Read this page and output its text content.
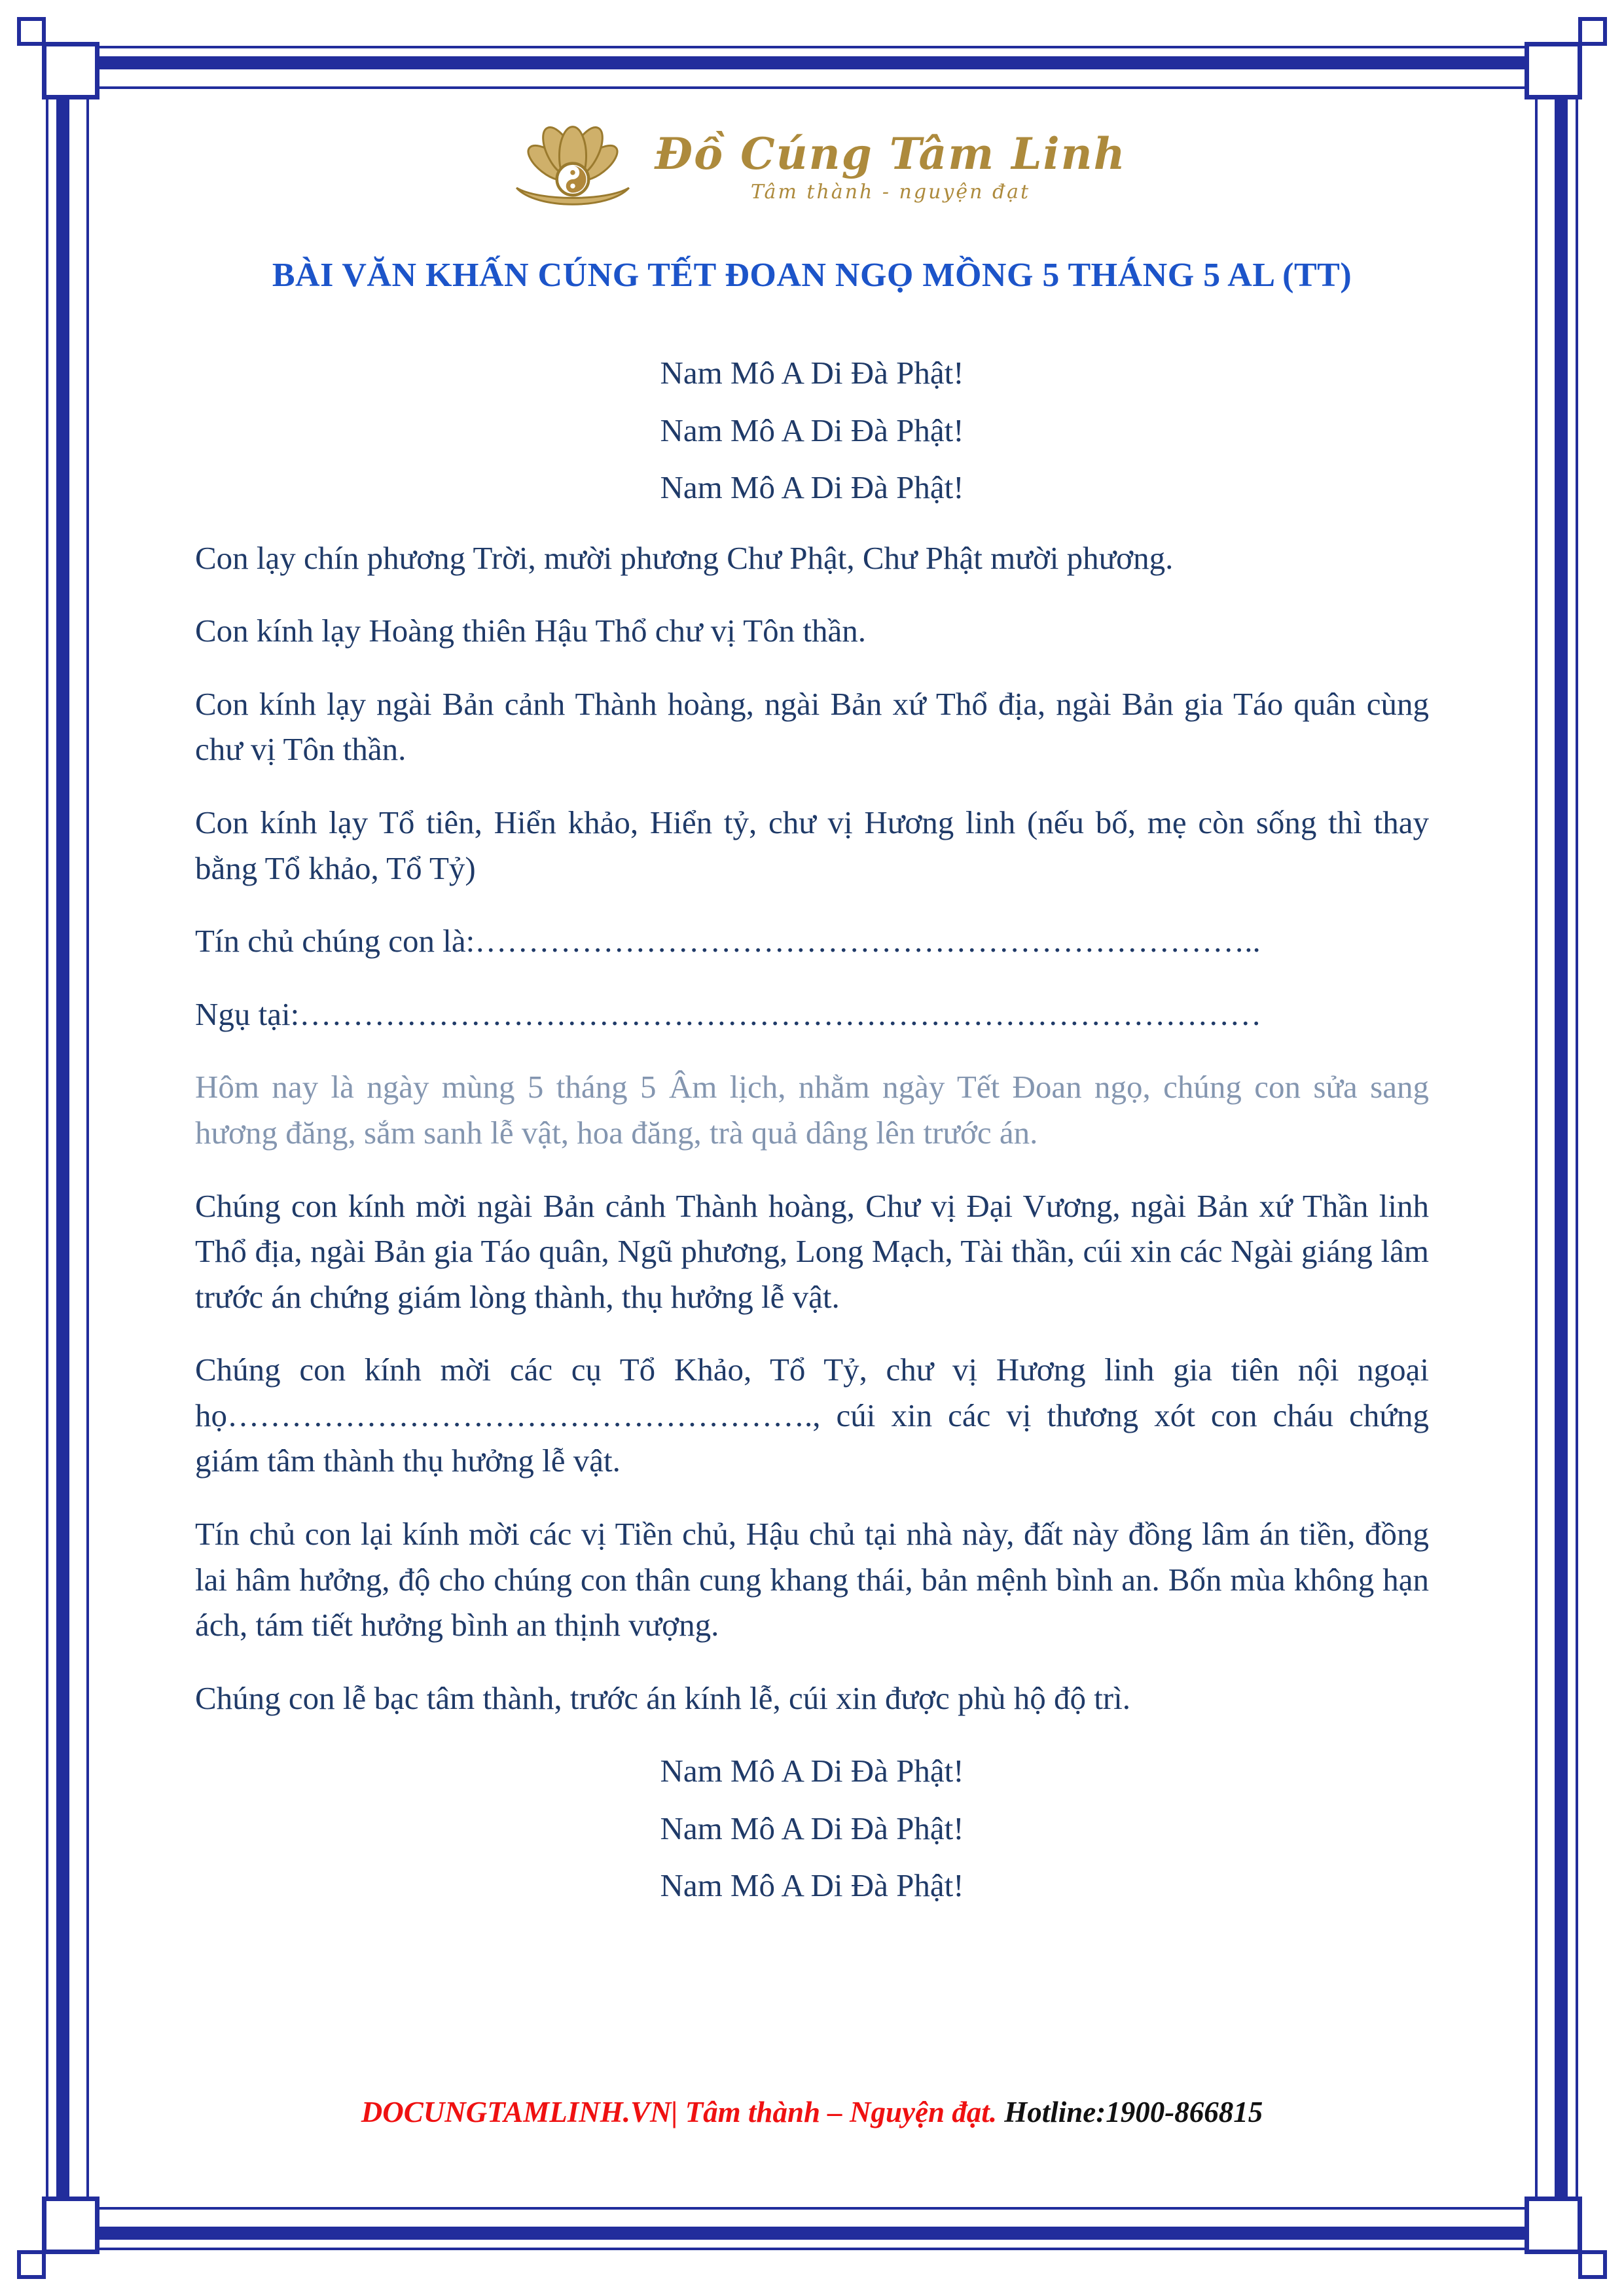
Đồ Cúng Tâm Linh
Tâm thành - nguyện đạt
BÀI VĂN KHẤN CÚNG TẾT ĐOAN NGỌ MỒNG 5 THÁNG 5 AL (TT)

Nam Mô A Di Đà Phật!

Nam Mô A Di Đà Phật!

Nam Mô A Di Đà Phật!

Con lạy chín phương Trời, mười phương Chư Phật, Chư Phật mười phương.

Con kính lạy Hoàng thiên Hậu Thổ chư vị Tôn thần.

Con kính lạy ngài Bản cảnh Thành hoàng, ngài Bản xứ Thổ địa, ngài Bản gia Táo quân cùng chư vị Tôn thần.

Con kính lạy Tổ tiên, Hiển khảo, Hiển tỷ, chư vị Hương linh (nếu bố, mẹ còn sống thì thay bằng Tổ khảo, Tổ Tỷ)

Tín chủ chúng con là:………………………………………………………………..

Ngụ tại:………………………………………………………………………………

Hôm nay là ngày mùng 5 tháng 5 Âm lịch, nhằm ngày Tết Đoan ngọ, chúng con sửa sang hương đăng, sắm sanh lễ vật, hoa đăng, trà quả dâng lên trước án.

Chúng con kính mời ngài Bản cảnh Thành hoàng, Chư vị Đại Vương, ngài Bản xứ Thần linh Thổ địa, ngài Bản gia Táo quân, Ngũ phương, Long Mạch, Tài thần, cúi xin các Ngài giáng lâm trước án chứng giám lòng thành, thụ hưởng lễ vật.

Chúng con kính mời các cụ Tổ Khảo, Tổ Tỷ, chư vị Hương linh gia tiên nội ngoại họ………………………………………………., cúi xin các vị thương xót con cháu chứng giám tâm thành thụ hưởng lễ vật.

Tín chủ con lại kính mời các vị Tiền chủ, Hậu chủ tại nhà này, đất này đồng lâm án tiền, đồng lai hâm hưởng, độ cho chúng con thân cung khang thái, bản mệnh bình an. Bốn mùa không hạn ách, tám tiết hưởng bình an thịnh vượng.

Chúng con lễ bạc tâm thành, trước án kính lễ, cúi xin được phù hộ độ trì.

Nam Mô A Di Đà Phật!

Nam Mô A Di Đà Phật!

Nam Mô A Di Đà Phật!

DOCUNGTAMLINH.VN| Tâm thành – Nguyện đạt. Hotline:1900-866815
